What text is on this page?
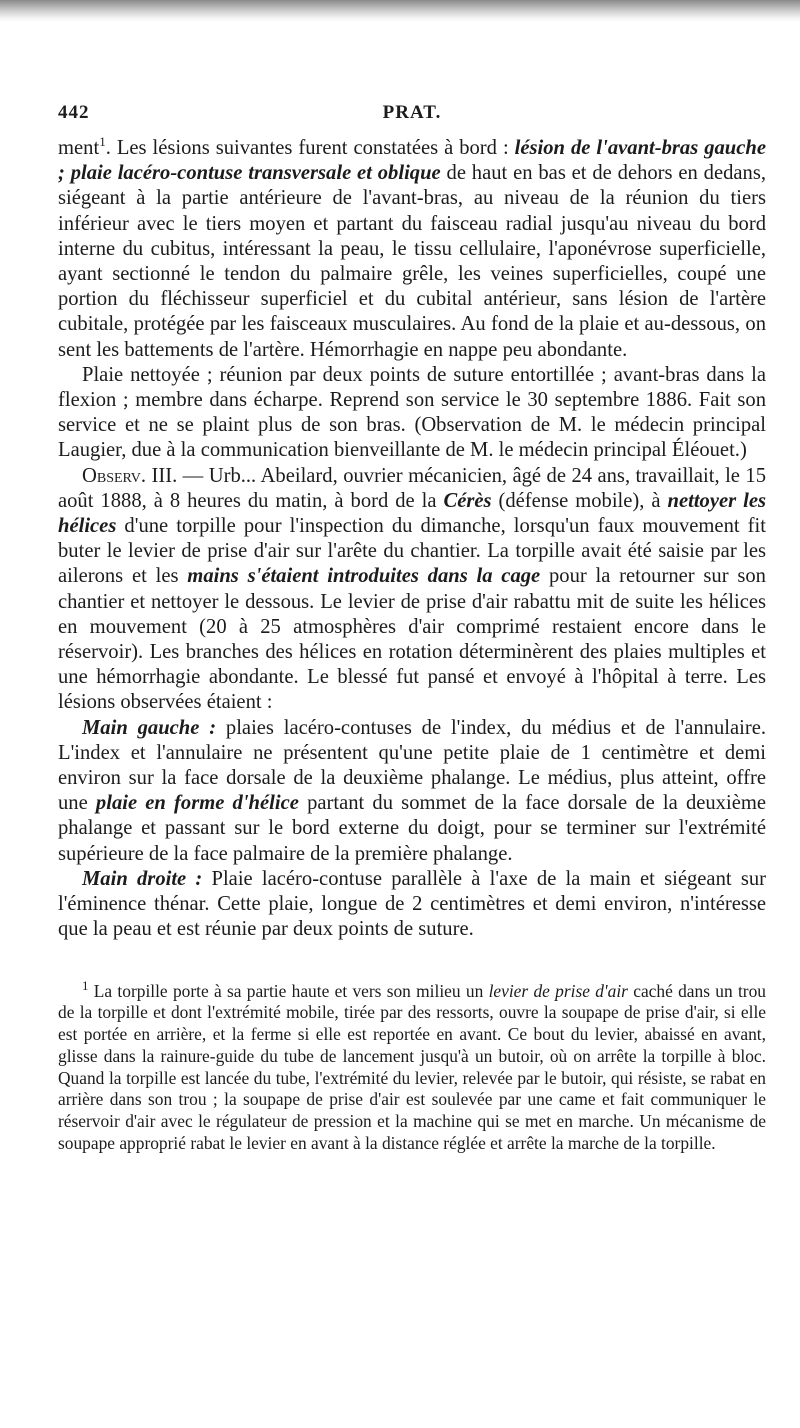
442	PRAT.

ment$^1$. Les lésions suivantes furent constatées à bord : lésion de l'avant-bras gauche ; plaie lacéro-contuse transversale et oblique de haut en bas et de dehors en dedans, siégeant à la partie antérieure de l'avant-bras, au niveau de la réunion du tiers inférieur avec le tiers moyen et partant du faisceau radial jusqu'au niveau du bord interne du cubitus, intéressant la peau, le tissu cellulaire, l'aponévrose superficielle, ayant sectionné le tendon du palmaire grêle, les veines superficielles, coupé une portion du fléchisseur superficiel et du cubital antérieur, sans lésion de l'artère cubitale, protégée par les faisceaux musculaires. Au fond de la plaie et au-dessous, on sent les battements de l'artère. Hémorrhagie en nappe peu abondante.

Plaie nettoyée ; réunion par deux points de suture entortillée ; avant-bras dans la flexion ; membre dans écharpe. Reprend son service le 30 septembre 1886. Fait son service et ne se plaint plus de son bras. (Observation de M. le médecin principal Laugier, due à la communication bienveillante de M. le médecin principal Éléouet.)

Observ. III. — Urb... Abeilard, ouvrier mécanicien, âgé de 24 ans, travaillait, le 15 août 1888, à 8 heures du matin, à bord de la Cérès (défense mobile), à nettoyer les hélices d'une torpille pour l'inspection du dimanche, lorsqu'un faux mouvement fit buter le levier de prise d'air sur l'arête du chantier. La torpille avait été saisie par les ailerons et les mains s'étaient introduites dans la cage pour la retourner sur son chantier et nettoyer le dessous. Le levier de prise d'air rabattu mit de suite les hélices en mouvement (20 à 25 atmosphères d'air comprimé restaient encore dans le réservoir). Les branches des hélices en rotation déterminèrent des plaies multiples et une hémorrhagie abondante. Le blessé fut pansé et envoyé à l'hôpital à terre. Les lésions observées étaient :

Main gauche : plaies lacéro-contuses de l'index, du médius et de l'annulaire. L'index et l'annulaire ne présentent qu'une petite plaie de 1 centimètre et demi environ sur la face dorsale de la deuxième phalange. Le médius, plus atteint, offre une plaie en forme d'hélice partant du sommet de la face dorsale de la deuxième phalange et passant sur le bord externe du doigt, pour se terminer sur l'extrémité supérieure de la face palmaire de la première phalange.

Main droite : Plaie lacéro-contuse parallèle à l'axe de la main et siégeant sur l'éminence thénar. Cette plaie, longue de 2 centimètres et demi environ, n'intéresse que la peau et est réunie par deux points de suture.

$^1$ La torpille porte à sa partie haute et vers son milieu un levier de prise d'air caché dans un trou de la torpille et dont l'extrémité mobile, tirée par des ressorts, ouvre la soupape de prise d'air, si elle est portée en arrière, et la ferme si elle est reportée en avant. Ce bout du levier, abaissé en avant, glisse dans la rainure-guide du tube de lancement jusqu'à un butoir, où on arrête la torpille à bloc. Quand la torpille est lancée du tube, l'extrémité du levier, relevée par le butoir, qui résiste, se rabat en arrière dans son trou ; la soupape de prise d'air est soulevée par une came et fait communiquer le réservoir d'air avec le régulateur de pression et la machine qui se met en marche. Un mécanisme de soupape approprié rabat le levier en avant à la distance réglée et arrête la marche de la torpille.
